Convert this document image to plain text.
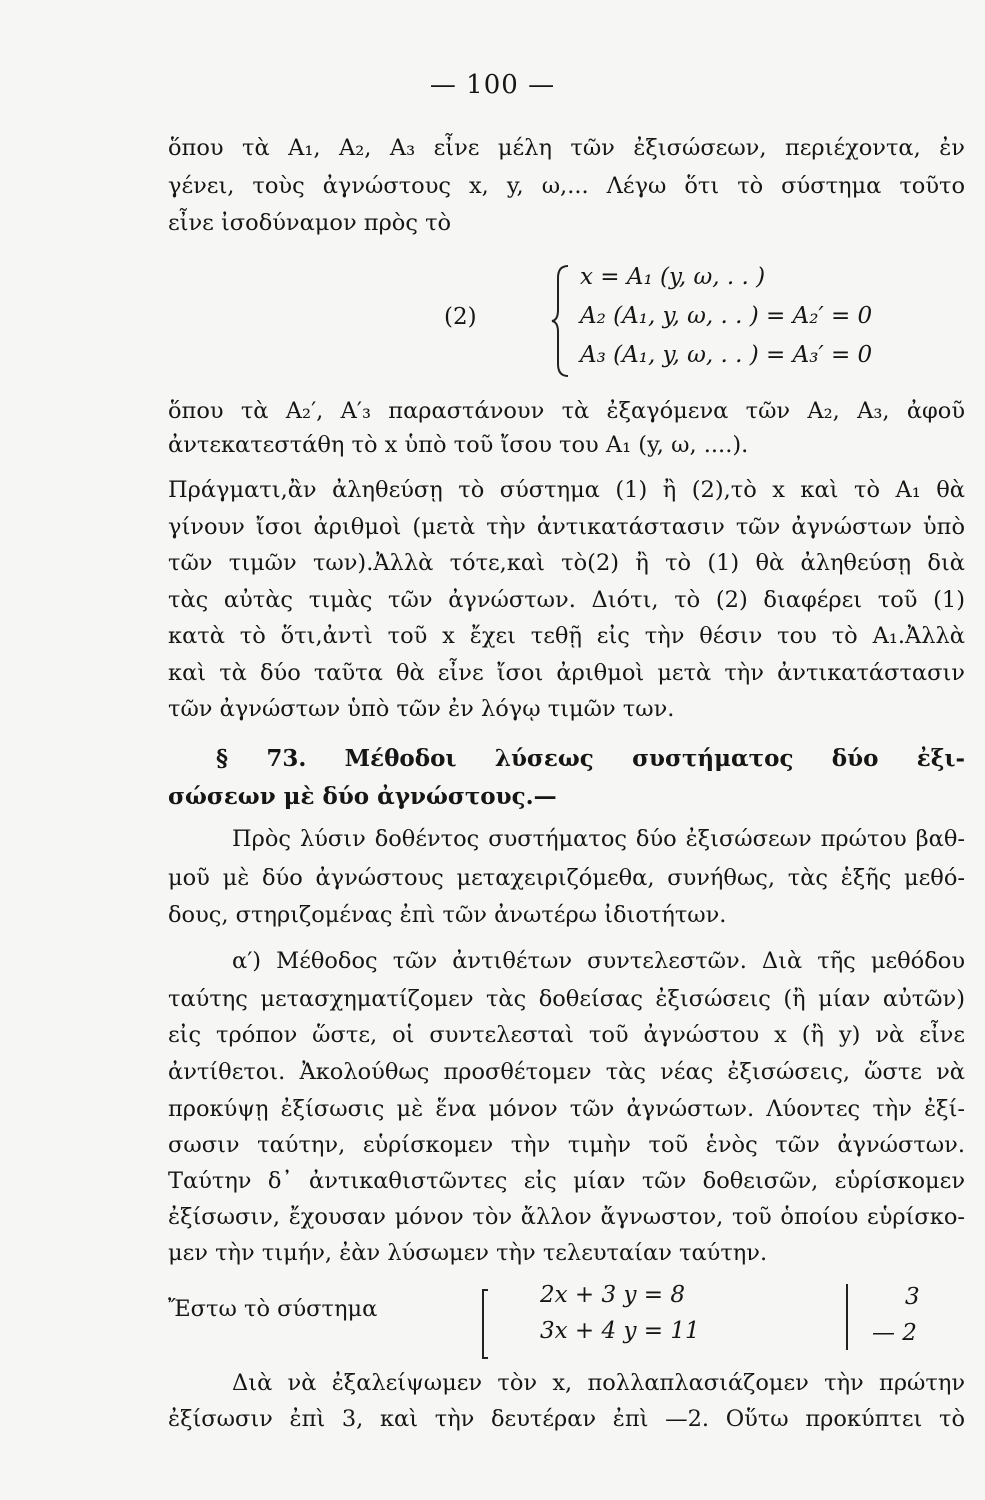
— 100 —
ὅπου τὰ A₁, A₂, A₃ εἶνε μέλη τῶν ἐξισώσεων, περιέχοντα, ἐν
γένει, τοὺς ἀγνώστους x, y, ω,... Λέγω ὅτι τὸ σύστημα τοῦτο
εἶνε ἰσοδύναμον πρὸς τὸ
(2)
x = A₁ (y, ω, . . )
A₂ (A₁, y, ω, . . ) = A₂′ = 0
A₃ (A₁, y, ω, . . ) = A₃′ = 0
ὅπου τὰ A₂′, A′₃ παραστάνουν τὰ ἐξαγόμενα τῶν A₂, A₃, ἀφοῦ
ἀντεκατεστάθη τὸ x ὑπὸ τοῦ ἴσου του A₁ (y, ω, ....).
Πράγματι,ἂν ἀληθεύσῃ τὸ σύστημα (1) ἢ (2),τὸ x καὶ τὸ A₁ θὰ
γίνουν ἴσοι ἀριθμοὶ (μετὰ τὴν ἀντικατάστασιν τῶν ἀγνώστων ὑπὸ
τῶν τιμῶν των).Ἀλλὰ τότε,καὶ τὸ(2) ἢ τὸ (1) θὰ ἀληθεύσῃ διὰ
τὰς αὐτὰς τιμὰς τῶν ἀγνώστων. Διότι, τὸ (2) διαφέρει τοῦ (1)
κατὰ τὸ ὅτι,ἀντὶ τοῦ x ἔχει τεθῇ εἰς τὴν θέσιν του τὸ A₁.Ἀλλὰ
καὶ τὰ δύο ταῦτα θὰ εἶνε ἴσοι ἀριθμοὶ μετὰ τὴν ἀντικατάστασιν
τῶν ἀγνώστων ὑπὸ τῶν ἐν λόγῳ τιμῶν των.
§ 73. Μέθοδοι λύσεως συστήματος δύο ἐξι-
σώσεων μὲ δύο ἀγνώστους.—
Πρὸς λύσιν δοθέντος συστήματος δύο ἐξισώσεων πρώτου βαθ-
μοῦ μὲ δύο ἀγνώστους μεταχειριζόμεθα, συνήθως, τὰς ἑξῆς μεθό-
δους, στηριζομένας ἐπὶ τῶν ἀνωτέρω ἰδιοτήτων.
α′) Μέθοδος τῶν ἀντιθέτων συντελεστῶν. Διὰ τῆς μεθόδου
ταύτης μετασχηματίζομεν τὰς δοθείσας ἐξισώσεις (ἢ μίαν αὐτῶν)
εἰς τρόπον ὥστε, οἱ συντελεσταὶ τοῦ ἀγνώστου x (ἢ y) νὰ εἶνε
ἀντίθετοι. Ἀκολούθως προσθέτομεν τὰς νέας ἐξισώσεις, ὥστε νὰ
προκύψῃ ἐξίσωσις μὲ ἕνα μόνον τῶν ἀγνώστων. Λύοντες τὴν ἐξί-
σωσιν ταύτην, εὑρίσκομεν τὴν τιμὴν τοῦ ἑνὸς τῶν ἀγνώστων.
Ταύτην δ᾽ ἀντικαθιστῶντες εἰς μίαν τῶν δοθεισῶν, εὑρίσκομεν
ἐξίσωσιν, ἔχουσαν μόνον τὸν ἄλλον ἄγνωστον, τοῦ ὁποίου εὑρίσκο-
μεν τὴν τιμήν, ἐὰν λύσωμεν τὴν τελευταίαν ταύτην.
Ἔστω τὸ σύστημα
2x + 3 y = 8
3x + 4 y = 11
3
— 2
Διὰ νὰ ἐξαλείψωμεν τὸν x, πολλαπλασιάζομεν τὴν πρώτην
ἐξίσωσιν ἐπὶ 3, καὶ τὴν δευτέραν ἐπὶ —2. Οὕτω προκύπτει τὸ
